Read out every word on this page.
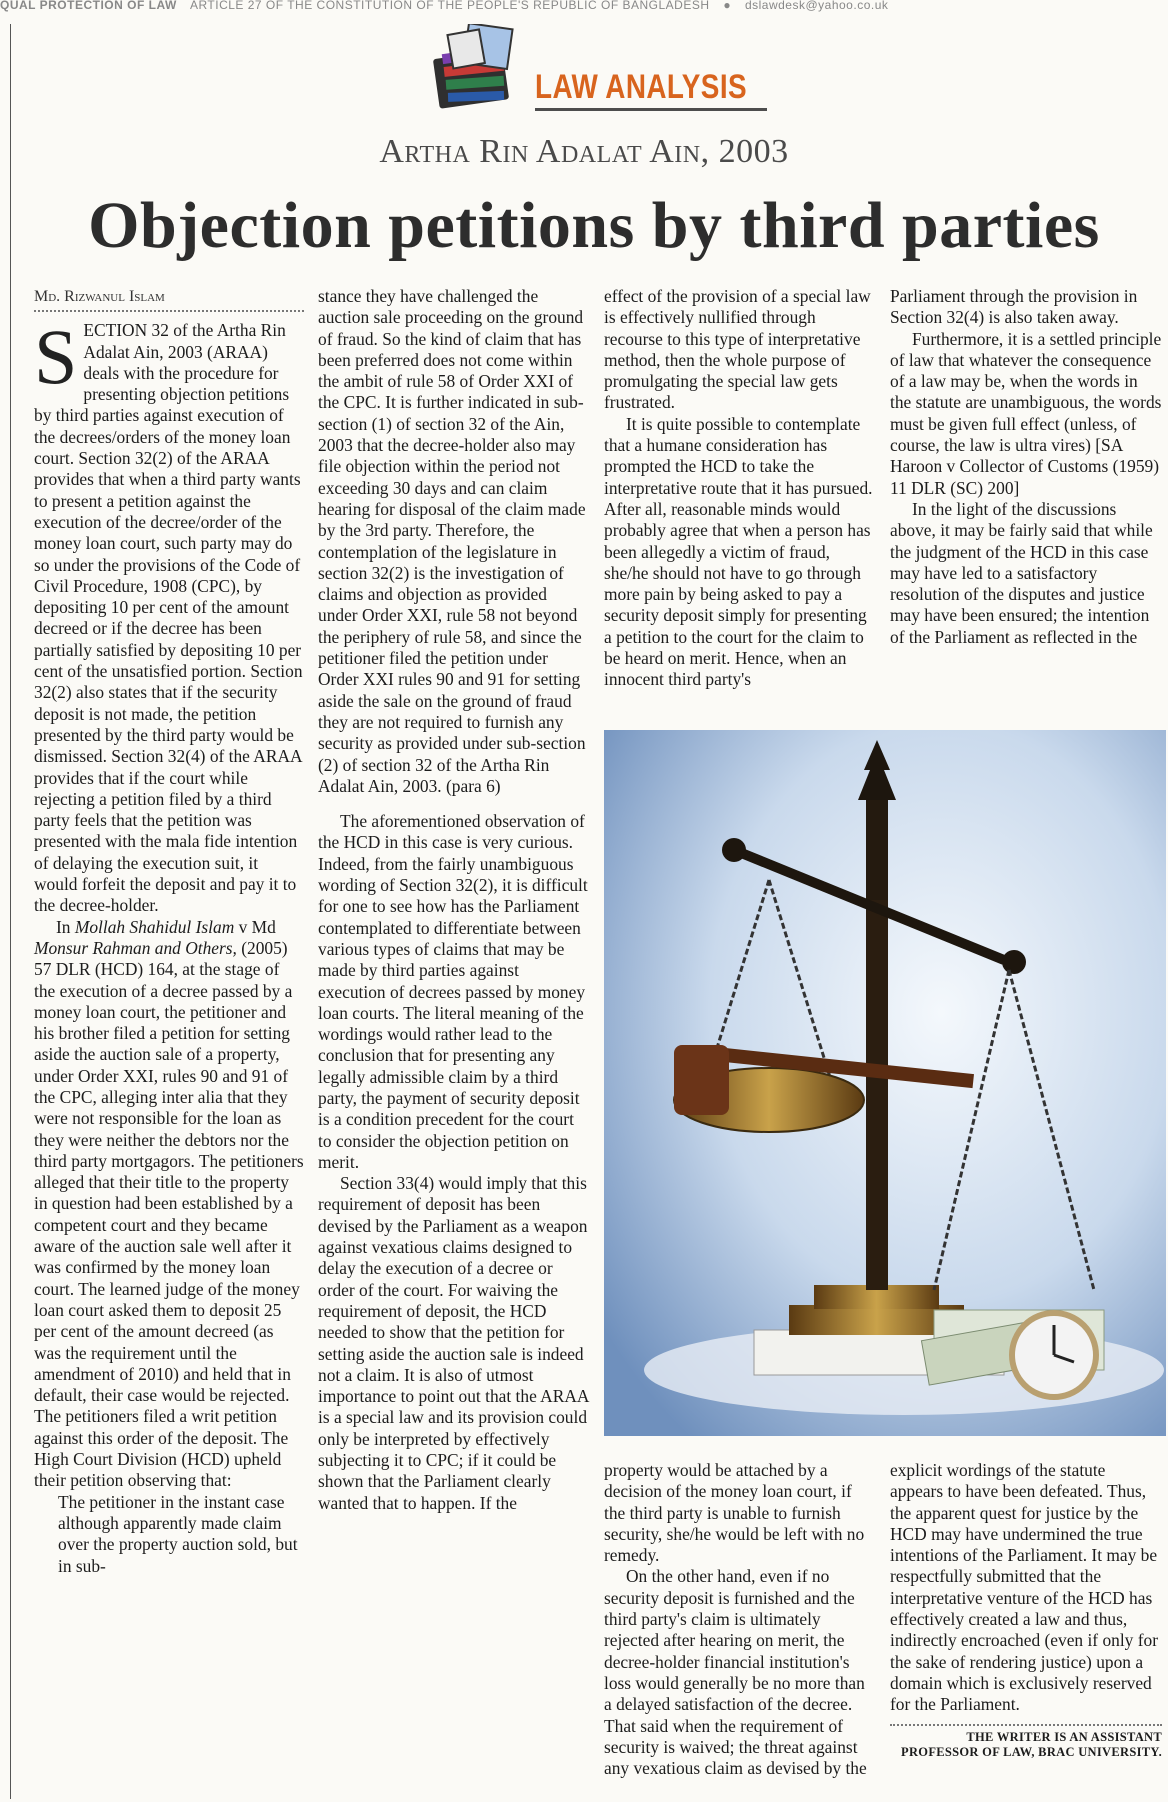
QUAL PROTECTION OF LAW ARTICLE 27 OF THE CONSTITUTION OF THE PEOPLE'S REPUBLIC OF BANGLADESH ● dslawdesk@yahoo.co.uk
LAW ANALYSIS
Artha Rin Adalat Ain, 2003
Objection petitions by third parties
Md. Rizwanul Islam

SECTION 32 of the Artha Rin Adalat Ain, 2003 (ARAA) deals with the procedure for presenting objection petitions by third parties against execution of the decrees/orders of the money loan court. Section 32(2) of the ARAA provides that when a third party wants to present a petition against the execution of the decree/order of the money loan court, such party may do so under the provisions of the Code of Civil Procedure, 1908 (CPC), by depositing 10 per cent of the amount decreed or if the decree has been partially satisfied by depositing 10 per cent of the unsatisfied portion. Section 32(2) also states that if the security deposit is not made, the petition presented by the third party would be dismissed. Section 32(4) of the ARAA provides that if the court while rejecting a petition filed by a third party feels that the petition was presented with the mala fide intention of delaying the execution suit, it would forfeit the deposit and pay it to the decree-holder.

In Mollah Shahidul Islam v Md Monsur Rahman and Others, (2005) 57 DLR (HCD) 164, at the stage of the execution of a decree passed by a money loan court, the petitioner and his brother filed a petition for setting aside the auction sale of a property, under Order XXI, rules 90 and 91 of the CPC, alleging inter alia that they were not responsible for the loan as they were neither the debtors nor the third party mortgagors. The petitioners alleged that their title to the property in question had been established by a competent court and they became aware of the auction sale well after it was confirmed by the money loan court. The learned judge of the money loan court asked them to deposit 25 per cent of the amount decreed (as was the requirement until the amendment of 2010) and held that in default, their case would be rejected. The petitioners filed a writ petition against this order of the deposit. The High Court Division (HCD) upheld their petition observing that:

The petitioner in the instant case although apparently made claim over the property auction sold, but in sub-

stance they have challenged the auction sale proceeding on the ground of fraud. So the kind of claim that has been preferred does not come within the ambit of rule 58 of Order XXI of the CPC. It is further indicated in sub-section (1) of section 32 of the Ain, 2003 that the decree-holder also may file objection within the period not exceeding 30 days and can claim hearing for disposal of the claim made by the 3rd party. Therefore, the contemplation of the legislature in section 32(2) is the investigation of claims and objection as provided under Order XXI, rule 58 not beyond the periphery of rule 58, and since the petitioner filed the petition under Order XXI rules 90 and 91 for setting aside the sale on the ground of fraud they are not required to furnish any security as provided under sub-section (2) of section 32 of the Artha Rin Adalat Ain, 2003. (para 6)

The aforementioned observation of the HCD in this case is very curious. Indeed, from the fairly unambiguous wording of Section 32(2), it is difficult for one to see how has the Parliament contemplated to differentiate between various types of claims that may be made by third parties against execution of decrees passed by money loan courts. The literal meaning of the wordings would rather lead to the conclusion that for presenting any legally admissible claim by a third party, the payment of security deposit is a condition precedent for the court to consider the objection petition on merit.

Section 33(4) would imply that this requirement of deposit has been devised by the Parliament as a weapon against vexatious claims designed to delay the execution of a decree or order of the court. For waiving the requirement of deposit, the HCD needed to show that the petition for setting aside the auction sale is indeed not a claim. It is also of utmost importance to point out that the ARAA is a special law and its provision could only be interpreted by effectively subjecting it to CPC; if it could be shown that the Parliament clearly wanted that to happen. If the

effect of the provision of a special law is effectively nullified through recourse to this type of interpretative method, then the whole purpose of promulgating the special law gets frustrated.

It is quite possible to contemplate that a humane consideration has prompted the HCD to take the interpretative route that it has pursued. After all, reasonable minds would probably agree that when a person has been allegedly a victim of fraud, she/he should not have to go through more pain by being asked to pay a security deposit simply for presenting a petition to the court for the claim to be heard on merit. Hence, when an innocent third party's

Parliament through the provision in Section 32(4) is also taken away.

Furthermore, it is a settled principle of law that whatever the consequence of a law may be, when the words in the statute are unambiguous, the words must be given full effect (unless, of course, the law is ultra vires) [SA Haroon v Collector of Customs (1959) 11 DLR (SC) 200]

In the light of the discussions above, it may be fairly said that while the judgment of the HCD in this case may have led to a satisfactory resolution of the disputes and justice may have been ensured; the intention of the Parliament as reflected in the

property would be attached by a decision of the money loan court, if the third party is unable to furnish security, she/he would be left with no remedy.

On the other hand, even if no security deposit is furnished and the third party's claim is ultimately rejected after hearing on merit, the decree-holder financial institution's loss would generally be no more than a delayed satisfaction of the decree. That said when the requirement of security is waived; the threat against any vexatious claim as devised by the

explicit wordings of the statute appears to have been defeated. Thus, the apparent quest for justice by the HCD may have undermined the true intentions of the Parliament. It may be respectfully submitted that the interpretative venture of the HCD has effectively created a law and thus, indirectly encroached (even if only for the sake of rendering justice) upon a domain which is exclusively reserved for the Parliament.

THE WRITER IS AN ASSISTANT PROFESSOR OF LAW, BRAC UNIVERSITY.
